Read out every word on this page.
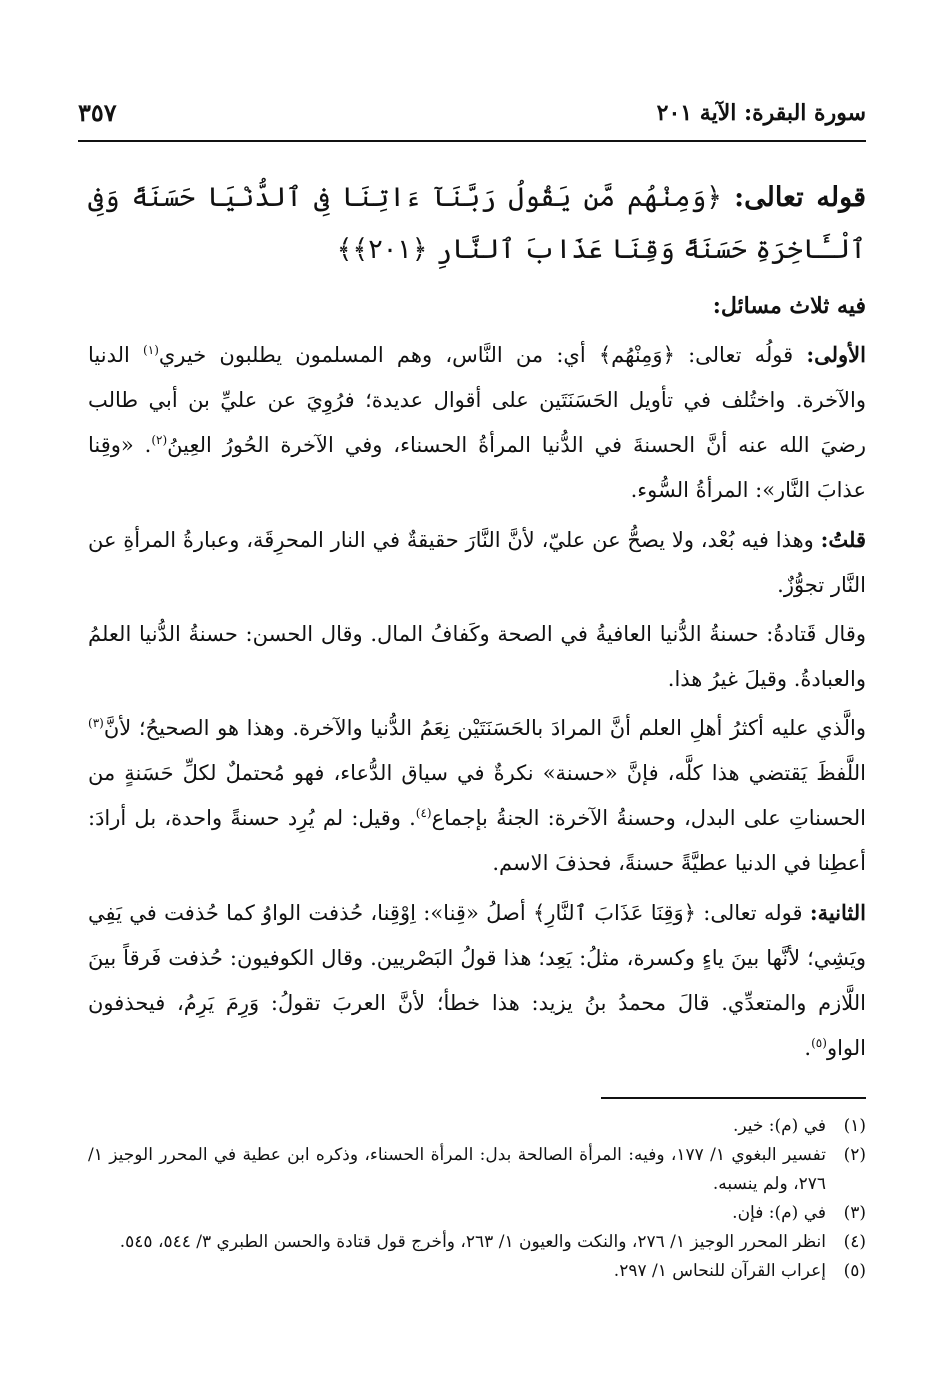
سورة البقرة: الآية ٢٠١
٣٥٧
قوله تعالى: ﴿وَمِنْهُم مَّن يَقُولُ رَبَّنَآ ءَاتِنَا فِى ٱلدُّنْيَا حَسَنَةً وَفِى ٱلْـَٔاخِرَةِ حَسَنَةً وَقِنَا عَذَابَ ٱلنَّارِ ﴿٢٠١﴾﴾
فيه ثلاث مسائل:

الأولى: قولُه تعالى: ﴿وَمِنْهُم﴾ أي: من النَّاس، وهم المسلمون يطلبون خيري$^{(١)}$ الدنيا والآخرة. واختُلف في تأويل الحَسَنَتَين على أقوال عديدة؛ فرُوِيَ عن عليِّ بن أبي طالب رضيَ الله عنه أنَّ الحسنةَ في الدُّنيا المرأةُ الحسناء، وفي الآخرة الحُورُ العِينُ$^{(٢)}$. «وقِنا عذابَ النَّار»: المرأةُ السُّوء.

قلتُ: وهذا فيه بُعْد، ولا يصحُّ عن عليّ، لأنَّ النَّارَ حقيقةٌ في النار المحرِقَة، وعبارةُ المرأةِ عن النَّار تجوُّزٌ.

وقال قَتادةُ: حسنةُ الدُّنيا العافيةُ في الصحة وكَفافُ المال. وقال الحسن: حسنةُ الدُّنيا العلمُ والعبادةُ. وقيلَ غيرُ هذا.

والَّذي عليه أكثرُ أهلِ العلم أنَّ المرادَ بالحَسَنَتَيْن نِعَمُ الدُّنيا والآخرة. وهذا هو الصحيحُ؛ لأنَّ$^{(٣)}$ اللَّفظَ يَقتضي هذا كلَّه، فإنَّ «حسنة» نكرةٌ في سياق الدُّعاء، فهو مُحتملٌ لكلِّ حَسَنةٍ من الحسناتِ على البدل، وحسنةُ الآخرة: الجنةُ بإجماع$^{(٤)}$. وقيل: لم يُرِد حسنةً واحدة، بل أرادَ: أعطِنا في الدنيا عطيَّةً حسنةً، فحذفَ الاسم.

الثانية: قوله تعالى: ﴿وَقِنَا عَذَابَ ٱلنَّارِ﴾ أصلُ «قِنا»: اِوْقِنا، حُذفت الواوُ كما حُذفت في يَفِي ويَشِي؛ لأنَّها بينَ ياءٍ وكسرة، مثلُ: يَعِد؛ هذا قولُ البَصْريين. وقال الكوفيون: حُذفت فَرقاً بينَ اللَّازم والمتعدِّي. قالَ محمدُ بنُ يزيد: هذا خطأ؛ لأنَّ العربَ تقولُ: وَرِمَ يَرِمُ، فيحذفون الواو$^{(٥)}$.

(١)
في (م): خير.
(٢)
تفسير البغوي ١/ ١٧٧، وفيه: المرأة الصالحة بدل: المرأة الحسناء، وذكره ابن عطية في المحرر الوجيز ١/ ٢٧٦، ولم ينسبه.
(٣)
في (م): فإن.
(٤)
انظر المحرر الوجيز ١/ ٢٧٦، والنكت والعيون ١/ ٢٦٣، وأخرج قول قتادة والحسن الطبري ٣/ ٥٤٤، ٥٤٥.
(٥)
إعراب القرآن للنحاس ١/ ٢٩٧.
